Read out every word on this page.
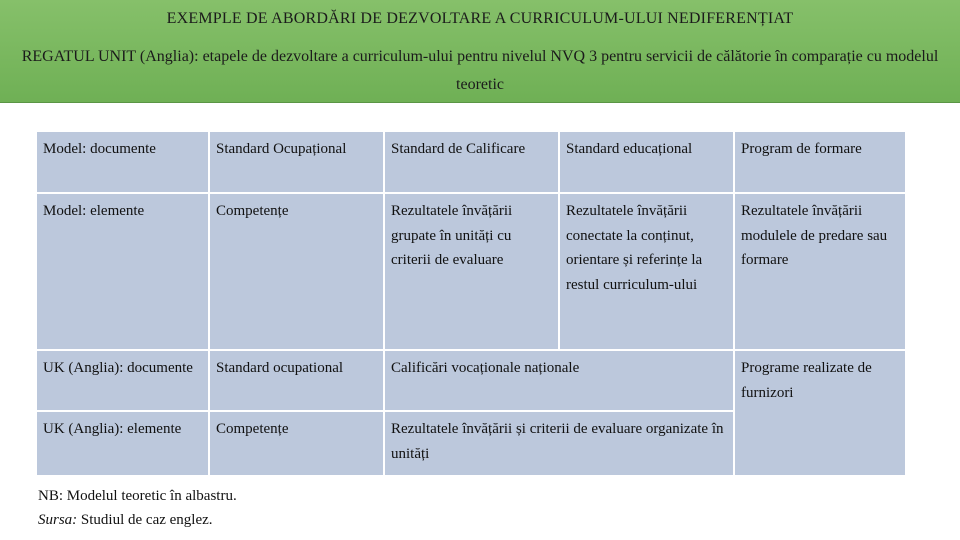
EXEMPLE DE ABORDĂRI DE DEZVOLTARE A CURRICULUM-ULUI NEDIFERENȚIAT
REGATUL UNIT (Anglia): etapele de dezvoltare a curriculum-ului pentru nivelul NVQ 3 pentru servicii de călătorie în comparație cu modelul teoretic
Model: documente	Standard Ocupațional	Standard de Calificare	Standard educațional	Program de formare
Model: elemente	Competențe	Rezultatele învățării grupate în unități cu criterii de evaluare	Rezultatele învățării conectate la conținut, orientare și referințe la restul curriculum-ului	Rezultatele învățării modulele de predare sau formare
UK (Anglia): documente	Standard ocupational	Calificări vocaționale naționale		Programe realizate de furnizori
UK (Anglia): elemente	Competențe	Rezultatele învățării și criterii de evaluare organizate în unități		
NB: Modelul teoretic în albastru.
Sursa: Studiul de caz englez.
